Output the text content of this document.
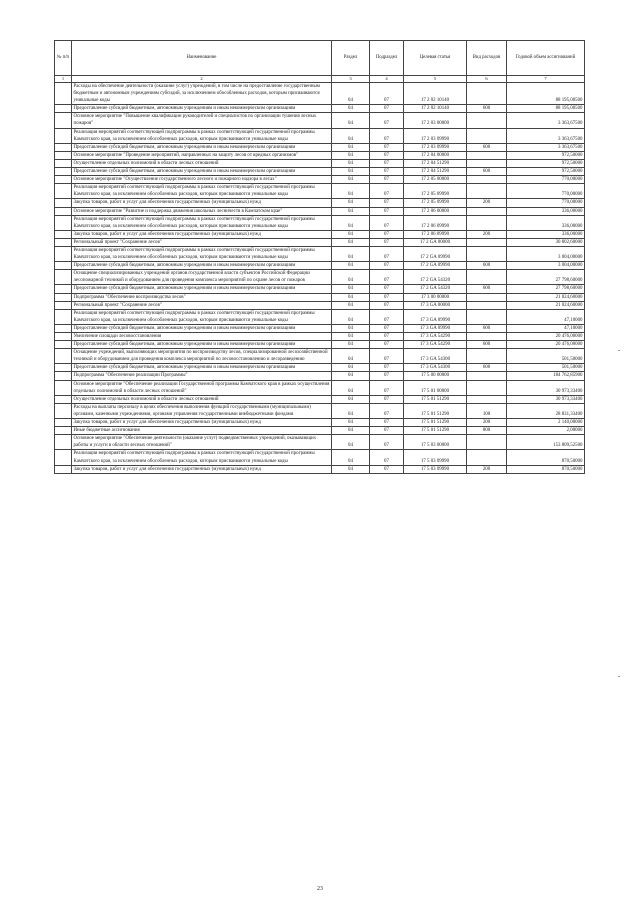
№ п/п	Наименование	Раздел	Подраздел	Целевая статья	Вид расходов	Годовой объем ассигнований
1	2	3	4	5	6	7
	Расходы на обеспечение деятельности (оказание услуг) учреждений, в том числе на предоставление государственным бюджетным и автономным учреждениям субсидий, за исключением обособленных расходов, которым присваиваются уникальные коды	04	07	17 2 02 10140		88 195,00500
	Предоставление субсидий бюджетным, автономным учреждениям и иным некоммерческим организациям	04	07	17 2 02 10140	600	88 195,00500
	Основное мероприятие "Повышение квалификации руководителей и специалистов по организации тушения лесных пожаров"	04	07	17 2 03 00000		3 363,67500
	Реализация мероприятий соответствующей подпрограммы в рамках соответствующей государственной программы Камчатского края, за исключением обособленных расходов, которым присваиваются уникальные коды	04	07	17 2 03 09990		3 363,67500
	Предоставление субсидий бюджетным, автономным учреждениям и иным некоммерческим организациям	04	07	17 2 03 09990	600	3 363,67500
	Основное мероприятие "Проведение мероприятий, направленных на защиту лесов от вредных организмов"	04	07	17 2 04 00000		972,50000
	Осуществление отдельных полномочий в области лесных отношений	04	07	17 2 04 51290		972,50000
	Предоставление субсидий бюджетным, автономным учреждениям и иным некоммерческим организациям	04	07	17 2 04 51290	600	972,50000
	Основное мероприятие "Осуществление государственного лесного и пожарного надзора в лесах"	04	07	17 2 05 00000		770,00000
	Реализация мероприятий соответствующей подпрограммы в рамках соответствующей государственной программы Камчатского края, за исключением обособленных расходов, которым присваиваются уникальные коды	04	07	17 2 05 09990		770,00000
	Закупка товаров, работ и услуг для обеспечения государственных (муниципальных) нужд	04	07	17 2 05 09990	200	770,00000
	Основное мероприятие "Развитие и поддержка движения школьных лесничеств в Камчатском крае"	04	07	17 2 06 00000		336,00000
	Реализация мероприятий соответствующей подпрограммы в рамках соответствующей государственной программы Камчатского края, за исключением обособленных расходов, которым присваиваются уникальные коды	04	07	17 2 06 09990		336,00000
	Закупка товаров, работ и услуг для обеспечения государственных (муниципальных) нужд	04	07	17 2 06 09990	200	336,00000
	Региональный проект "Сохранение лесов"	04	07	17 2 GA 00000		30 802,60000
	Реализация мероприятий соответствующей подпрограммы в рамках соответствующей государственной программы Камчатского края, за исключением обособленных расходов, которым присваиваются уникальные коды	04	07	17 2 GA 09990		3 004,00000
	Предоставление субсидий бюджетным, автономным учреждениям и иным некоммерческим организациям	04	07	17 2 GA 09990	600	3 004,00000
	Оснащение специализированных учреждений органов государственной власти субъектов Российской Федерации лесопожарной техникой и оборудованием для проведения комплекса мероприятий по охране лесов от пожаров	04	07	17 2 GA 54320		27 798,60000
	Предоставление субсидий бюджетным, автономным учреждениям и иным некоммерческим организациям	04	07	17 2 GA 54320	600	27 798,60000
	Подпрограмма "Обеспечение воспроизводства лесов"	04	07	17 3 00 00000		21 024,60000
	Региональный проект "Сохранение лесов"	04	07	17 3 GA 00000		21 024,60000
	Реализация мероприятий соответствующей подпрограммы в рамках соответствующей государственной программы Камчатского края, за исключением обособленных расходов, которым присваиваются уникальные коды	04	07	17 3 GA 09990		47,10000
	Предоставление субсидий бюджетным, автономным учреждениям и иным некоммерческим организациям	04	07	17 3 GA 09990	600	47,10000
	Увеличение площади лесовосстановления	04	07	17 3 GA 54290		20 476,00000
	Предоставление субсидий бюджетным, автономным учреждениям и иным некоммерческим организациям	04	07	17 3 GA 54290	600	20 476,00000
	Оснащение учреждений, выполняющих мероприятия по воспроизводству лесов, специализированной лесохозяйственной техникой и оборудованием для проведения комплекса мероприятий по лесовосстановлению и лесоразведению	04	07	17 3 GA 54300		501,50000
	Предоставление субсидий бюджетным, автономным учреждениям и иным некоммерческим организациям	04	07	17 3 GA 54300	600	501,50000
	Подпрограмма "Обеспечение реализации Программы"	04	07	17 5 00 00000		184 762,85900
	Основное мероприятие "Обеспечение реализации Государственной программы Камчатского края в рамках осуществления отдельных полномочий в области лесных отношений"	04	07	17 5 01 00000		30 973,33400
	Осуществление отдельных полномочий в области лесных отношений	04	07	17 5 01 51290		30 973,33400
	Расходы на выплаты персоналу в целях обеспечения выполнения функций государственными (муниципальными) органами, казенными учреждениями, органами управления государственными внебюджетными фондами	04	07	17 5 01 51290	100	28 831,33400
	Закупка товаров, работ и услуг для обеспечения государственных (муниципальных) нужд	04	07	17 5 01 51290	200	2 140,00000
	Иные бюджетные ассигнования	04	07	17 5 01 51290	800	2,00000
	Основное мероприятие "Обеспечение деятельности (оказание услуг) подведомственных учреждений, оказывающих работы и услуги в области лесных отношений"	04	07	17 5 03 00000		153 809,52500
	Реализация мероприятий соответствующей подпрограммы в рамках соответствующей государственной программы Камчатского края, за исключением обособленных расходов, которым присваиваются уникальные коды	04	07	17 5 03 09990		870,50000
	Закупка товаров, работ и услуг для обеспечения государственных (муниципальных) нужд	04	07	17 5 03 09990	200	870,50000
23
